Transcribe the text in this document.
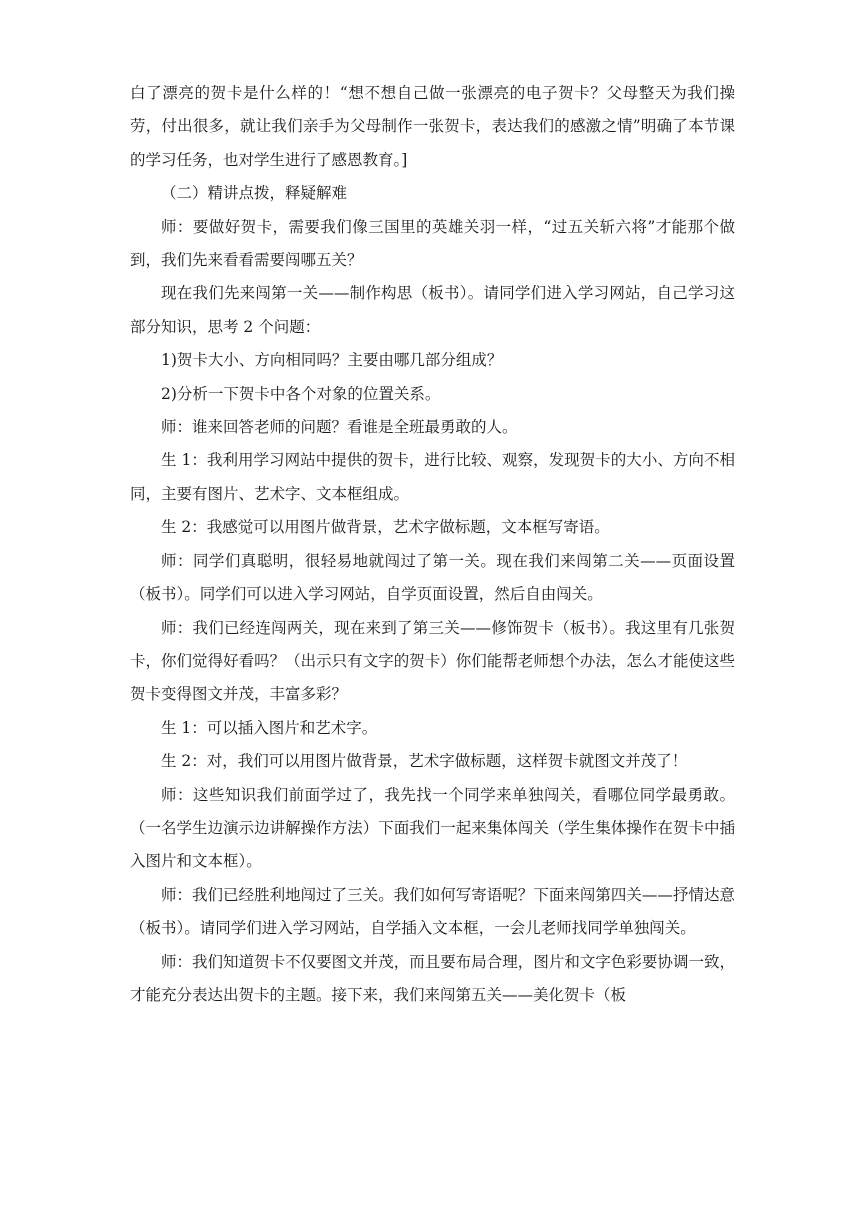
白了漂亮的贺卡是什么样的！“想不想自己做一张漂亮的电子贺卡？父母整天为我们操劳，付出很多，就让我们亲手为父母制作一张贺卡，表达我们的感激之情”明确了本节课的学习任务，也对学生进行了感恩教育。]

（二）精讲点拨，释疑解难

师：要做好贺卡，需要我们像三国里的英雄关羽一样，“过五关斩六将”才能那个做到，我们先来看看需要闯哪五关？

现在我们先来闯第一关——制作构思（板书）。请同学们进入学习网站，自己学习这部分知识，思考 2 个问题：

1)贺卡大小、方向相同吗？主要由哪几部分组成？

2)分析一下贺卡中各个对象的位置关系。

师：谁来回答老师的问题？看谁是全班最勇敢的人。

生 1：我利用学习网站中提供的贺卡，进行比较、观察，发现贺卡的大小、方向不相同，主要有图片、艺术字、文本框组成。

生 2：我感觉可以用图片做背景，艺术字做标题，文本框写寄语。

师：同学们真聪明，很轻易地就闯过了第一关。现在我们来闯第二关——页面设置（板书）。同学们可以进入学习网站，自学页面设置，然后自由闯关。

师：我们已经连闯两关，现在来到了第三关——修饰贺卡（板书）。我这里有几张贺卡，你们觉得好看吗？（出示只有文字的贺卡）你们能帮老师想个办法，怎么才能使这些贺卡变得图文并茂，丰富多彩？

生 1：可以插入图片和艺术字。

生 2：对，我们可以用图片做背景，艺术字做标题，这样贺卡就图文并茂了！

师：这些知识我们前面学过了，我先找一个同学来单独闯关，看哪位同学最勇敢。（一名学生边演示边讲解操作方法）下面我们一起来集体闯关（学生集体操作在贺卡中插入图片和文本框）。

师：我们已经胜利地闯过了三关。我们如何写寄语呢？下面来闯第四关——抒情达意（板书）。请同学们进入学习网站，自学插入文本框，一会儿老师找同学单独闯关。

师：我们知道贺卡不仅要图文并茂，而且要布局合理，图片和文字色彩要协调一致，才能充分表达出贺卡的主题。接下来，我们来闯第五关——美化贺卡（板
